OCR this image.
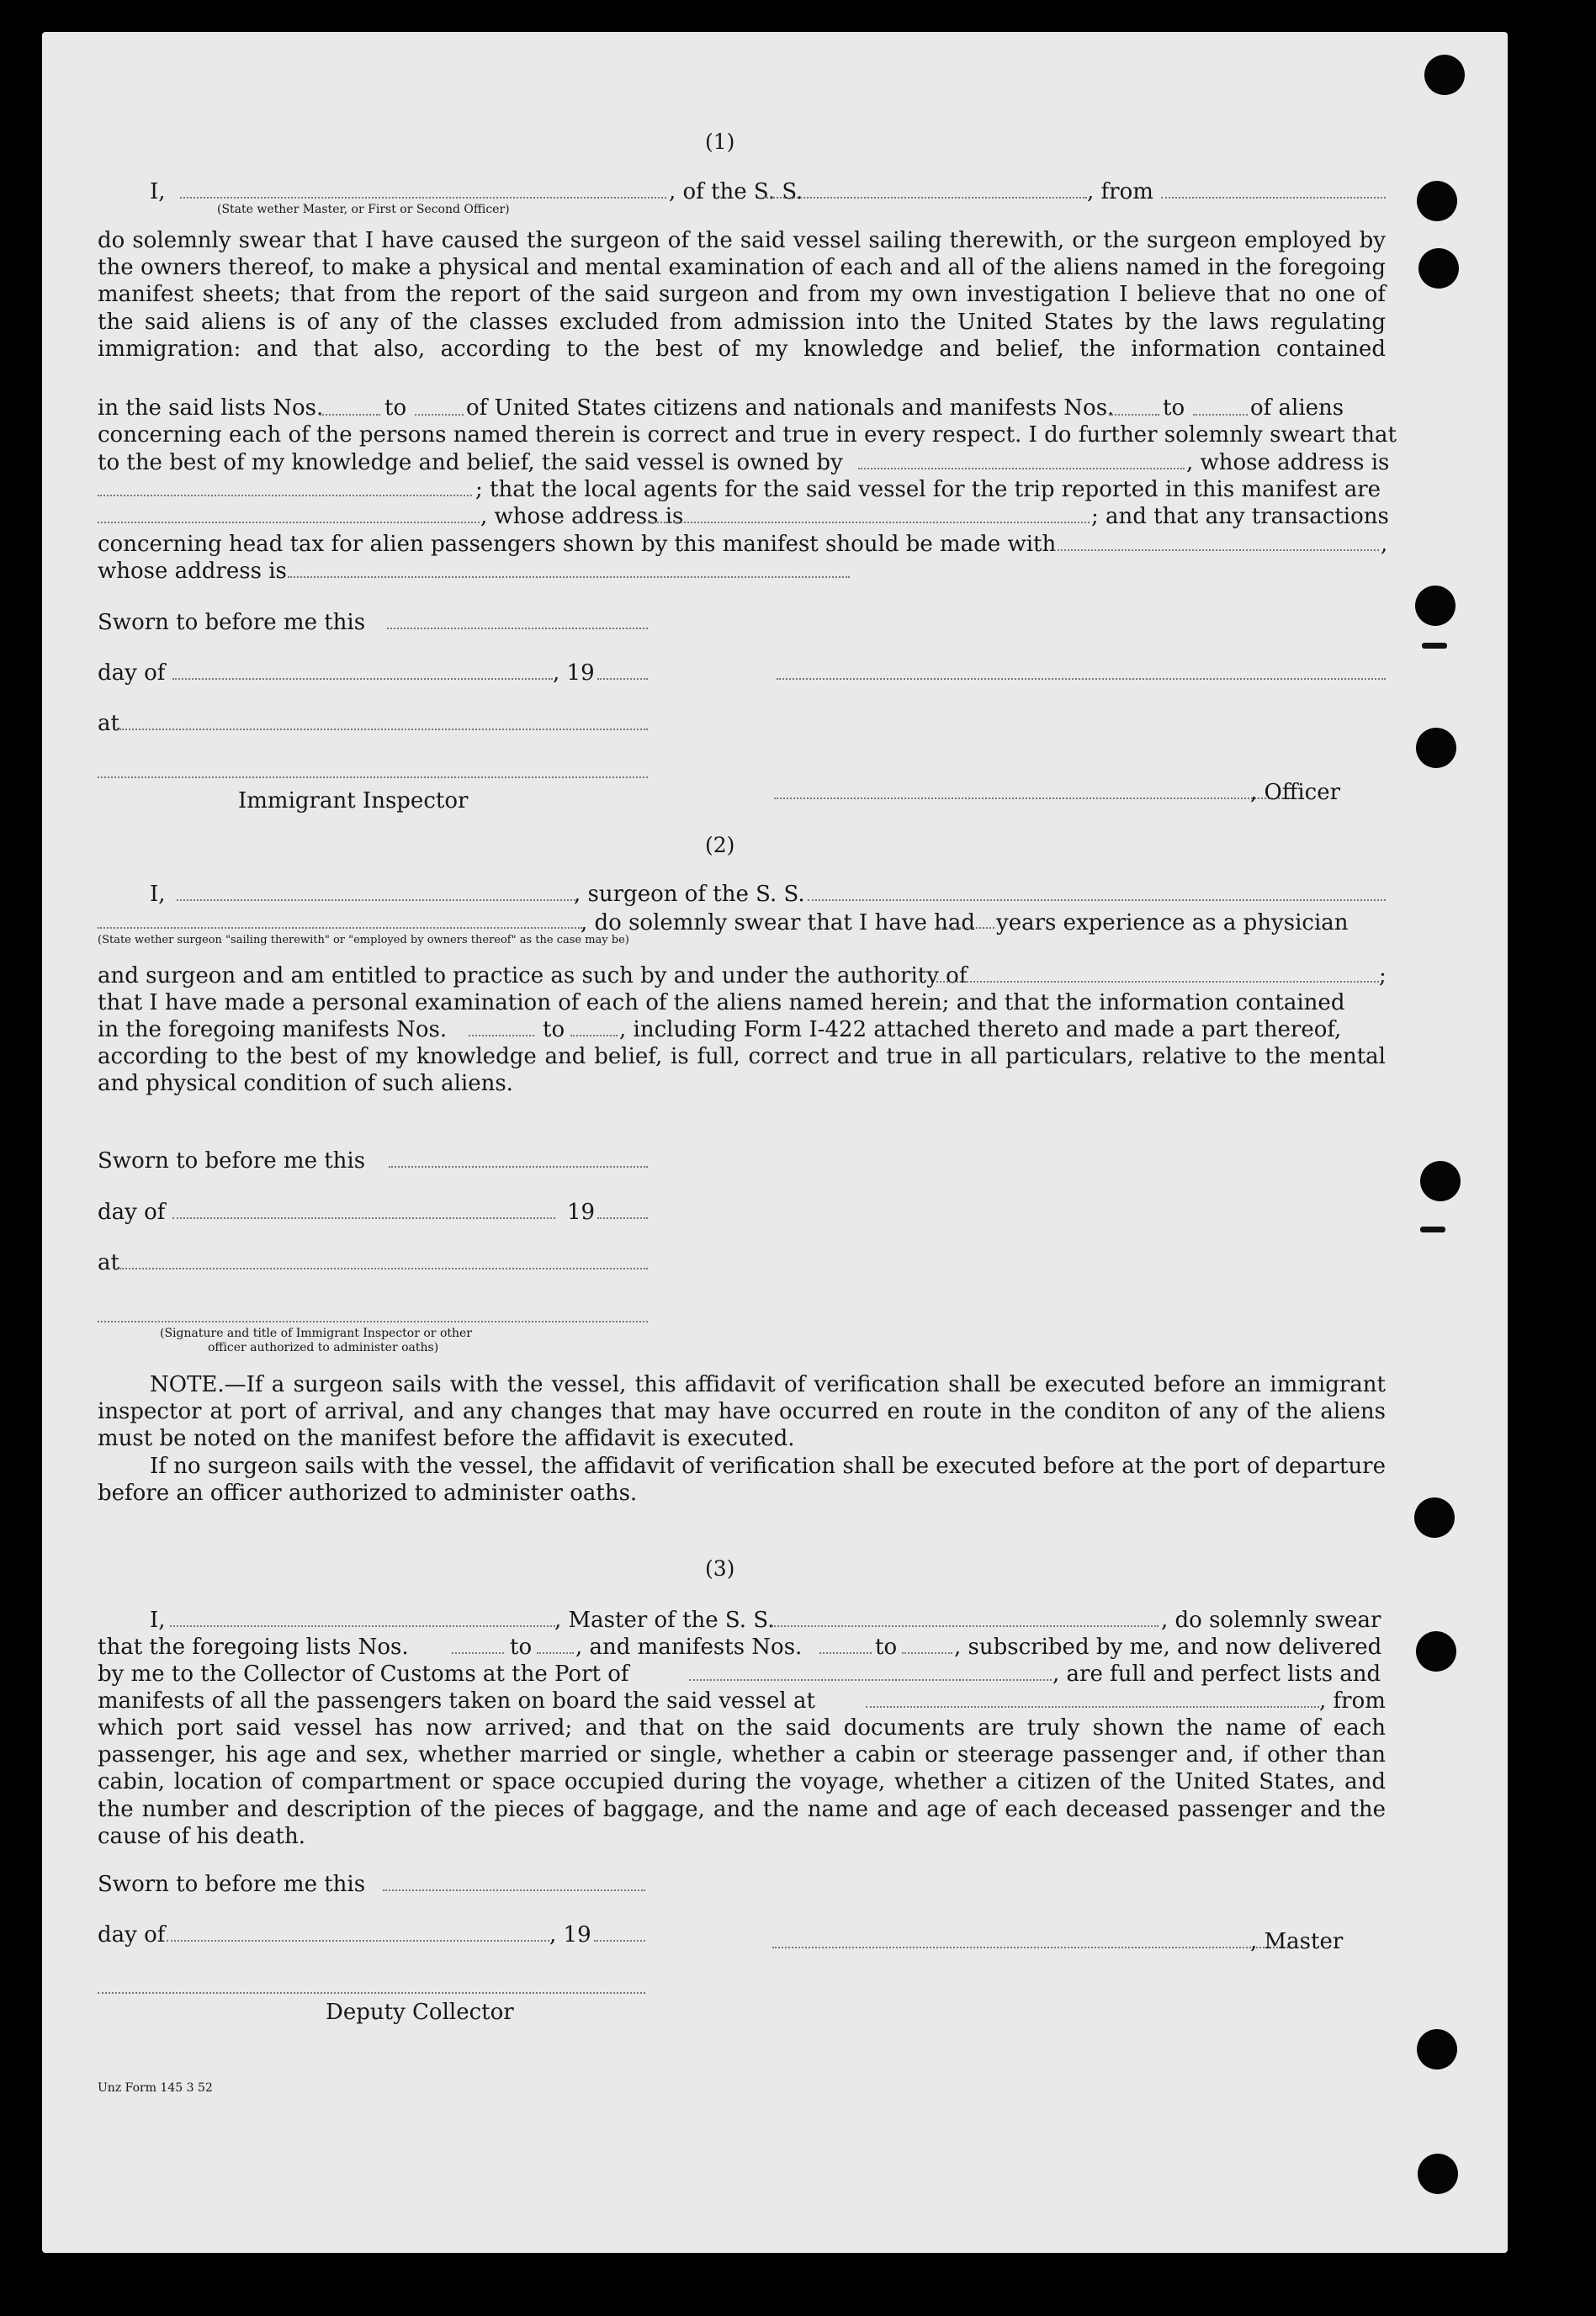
(1)
I,	, of the S. S.	, from
(State wether Master, or First or Second Officer)
do solemnly swear that I have caused the surgeon of the said vessel sailing therewith, or the surgeon employed by the owners thereof, to make a physical and mental examination of each and all of the aliens named in the foregoing manifest sheets; that from the report of the said surgeon and from my own investigation I believe that no one of the said aliens is of any of the classes excluded from admission into the United States by the laws regulating immigration: and that also, according to the best of my knowledge and belief, the information contained
in the said lists Nos.	to	of United States citizens and nationals and manifests Nos. to	of aliens
concerning each of the persons named therein is correct and true in every respect. I do further solemnly sweart that
to the best of my knowledge and belief, the said vessel is owned by	, whose address is
; that the local agents for the said vessel for the trip reported in this manifest are
, whose address is	; and that any transactions
concerning head tax for alien passengers shown by this manifest should be made with	,
whose address is
Sworn to before me this
day of	, 19
at
Immigrant Inspector	, Officer
(2)
I,	, surgeon of the S. S.
, do solemnly swear that I have had years experience as a physician
(State wether surgeon "sailing therewith" or "employed by owners thereof" as the case may be)
and surgeon and am entitled to practice as such by and under the authority of	;
that I have made a personal examination of each of the aliens named herein; and that the information contained
in the foregoing manifests Nos.	to , including Form I-422 attached thereto and made a part thereof,
according to the best of my knowledge and belief, is full, correct and true in all particulars, relative to the mental and physical condition of such aliens.
Sworn to before me this
day of	19
at
(Signature and title of Immigrant Inspector or other
officer authorized to administer oaths)
NOTE.—If a surgeon sails with the vessel, this affidavit of verification shall be executed before an immigrant inspector at port of arrival, and any changes that may have occurred en route in the conditon of any of the aliens must be noted on the manifest before the affidavit is executed.
If no surgeon sails with the vessel, the affidavit of verification shall be executed before at the port of departure before an officer authorized to administer oaths.
(3)
I,	, Master of the S. S.	, do solemnly swear
that the foregoing lists Nos.	to , and manifests Nos.	to	, subscribed by me, and now delivered
by me to the Collector of Customs at the Port of	, are full and perfect lists and
manifests of all the passengers taken on board the said vessel at	, from
which port said vessel has now arrived; and that on the said documents are truly shown the name of each passenger, his age and sex, whether married or single, whether a cabin or steerage passenger and, if other than cabin, location of compartment or space occupied during the voyage, whether a citizen of the United States, and the number and description of the pieces of baggage, and the name and age of each deceased passenger and the cause of his death.
Sworn to before me this
day of	, 19	, Master
Deputy Collector
Unz Form 145 3 52
